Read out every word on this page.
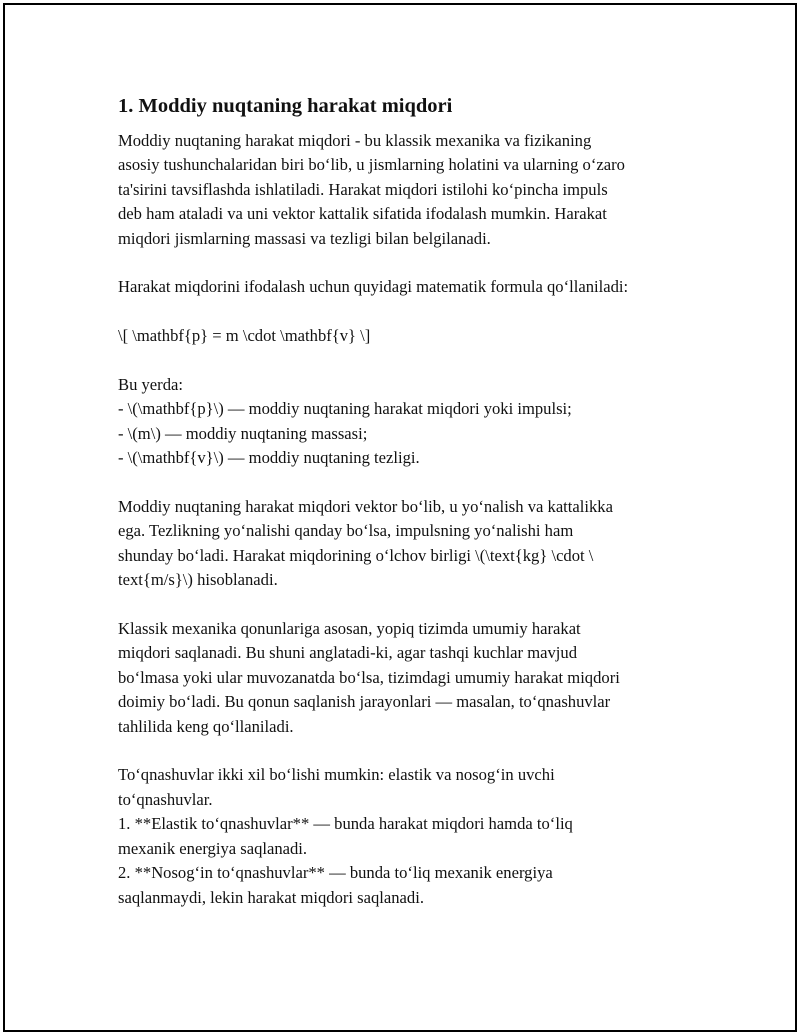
1. Moddiy nuqtaning harakat miqdori

Moddiy nuqtaning harakat miqdori - bu klassik mexanika va fizikaning
asosiy tushunchalaridan biri bo‘lib, u jismlarning holatini va ularning o‘zaro
ta'sirini tavsiflashda ishlatiladi. Harakat miqdori istilohi ko‘pincha impuls
deb ham ataladi va uni vektor kattalik sifatida ifodalash mumkin. Harakat
miqdori jismlarning massasi va tezligi bilan belgilanadi.

Harakat miqdorini ifodalash uchun quyidagi matematik formula qo‘llaniladi:

\[ \mathbf{p} = m \cdot \mathbf{v} \]

Bu yerda:
- \(\mathbf{p}\) — moddiy nuqtaning harakat miqdori yoki impulsi;
- \(m\) — moddiy nuqtaning massasi;
- \(\mathbf{v}\) — moddiy nuqtaning tezligi.

Moddiy nuqtaning harakat miqdori vektor bo‘lib, u yo‘nalish va kattalikka
ega. Tezlikning yo‘nalishi qanday bo‘lsa, impulsning yo‘nalishi ham
shunday bo‘ladi. Harakat miqdorining o‘lchov birligi \(\text{kg} \cdot \
text{m/s}\) hisoblanadi.

Klassik mexanika qonunlariga asosan, yopiq tizimda umumiy harakat
miqdori saqlanadi. Bu shuni anglatadi-ki, agar tashqi kuchlar mavjud
bo‘lmasa yoki ular muvozanatda bo‘lsa, tizimdagi umumiy harakat miqdori
doimiy bo‘ladi. Bu qonun saqlanish jarayonlari — masalan, to‘qnashuvlar
tahlilida keng qo‘llaniladi.

To‘qnashuvlar ikki xil bo‘lishi mumkin: elastik va nosog‘in uvchi
to‘qnashuvlar.
1. **Elastik to‘qnashuvlar** — bunda harakat miqdori hamda to‘liq
mexanik energiya saqlanadi.
2. **Nosog‘in to‘qnashuvlar** — bunda to‘liq mexanik energiya
saqlanmaydi, lekin harakat miqdori saqlanadi.
